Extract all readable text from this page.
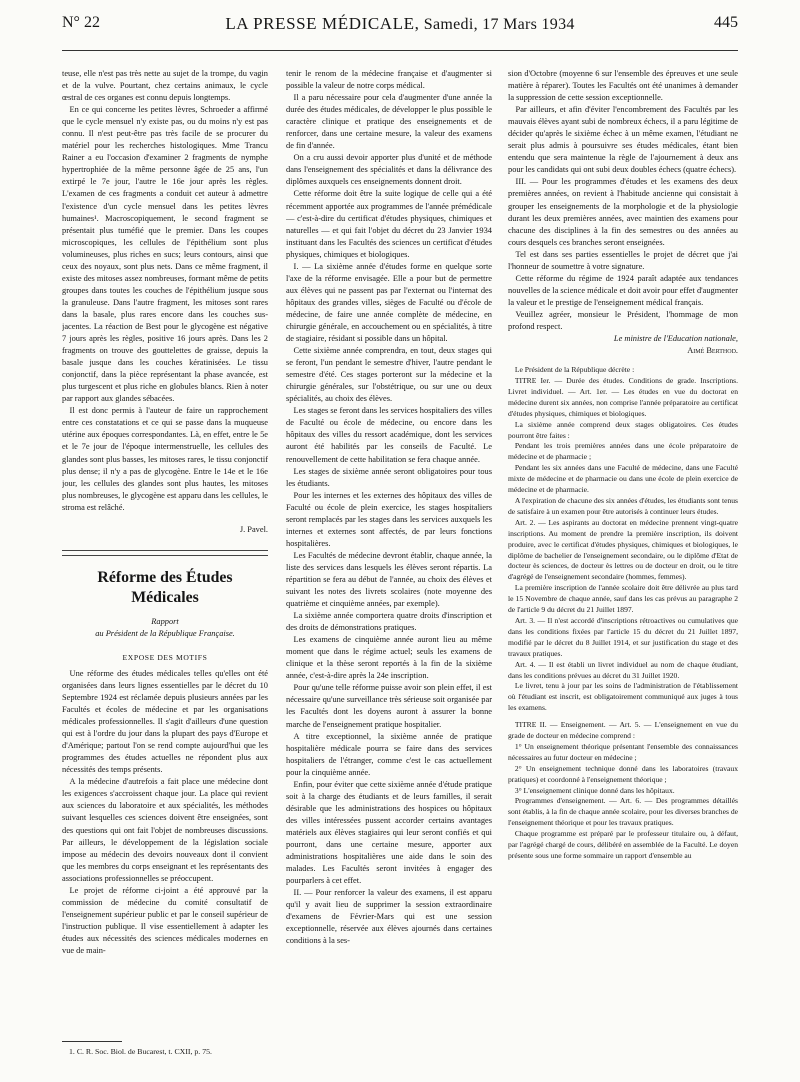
N° 22	LA PRESSE MÉDICALE, Samedi, 17 Mars 1934	445

teuse, elle n'est pas très nette au sujet de la trompe, du vagin et de la vulve. Pourtant, chez certains animaux, le cycle œstral de ces organes est connu depuis longtemps.

En ce qui concerne les petites lèvres, Schroeder a affirmé que le cycle mensuel n'y existe pas, ou du moins n'y est pas connu. Il n'est peut-être pas très facile de se procurer du matériel pour les recherches histologiques. Mme Trancu Rainer a eu l'occasion d'examiner 2 fragments de nymphe hypertrophiée de la même personne âgée de 25 ans, l'un extirpé le 7e jour, l'autre le 16e jour après les règles. L'examen de ces fragments a conduit cet auteur à admettre l'existence d'un cycle mensuel dans les petites lèvres humaines¹. Macroscopiquement, le second fragment se présentait plus tuméfié que le premier. Dans les coupes microscopiques, les cellules de l'épithélium sont plus volumineuses, plus riches en sucs; leurs contours, ainsi que ceux des noyaux, sont plus nets. Dans ce même fragment, il existe des mitoses assez nombreuses, formant même de petits groupes dans toutes les couches de l'épithélium jusque sous la granuleuse. Dans l'autre fragment, les mitoses sont rares dans la basale, plus rares encore dans les couches sus-jacentes. La réaction de Best pour le glycogène est négative 7 jours après les règles, positive 16 jours après. Dans les 2 fragments on trouve des gouttelettes de graisse, depuis la basale jusque dans les couches kératinisées. Le tissu conjonctif, dans la pièce représentant la phase avancée, est plus turgescent et plus riche en globules blancs. Rien à noter par rapport aux glandes sébacées.

Il est donc permis à l'auteur de faire un rapprochement entre ces constatations et ce qui se passe dans la muqueuse utérine aux époques correspondantes. Là, en effet, entre le 5e et le 7e jour de l'époque intermenstruelle, les cellules des glandes sont plus basses, les mitoses rares, le tissu conjonctif plus dense; il n'y a pas de glycogène. Entre le 14e et le 16e jour, les cellules des glandes sont plus hautes, les mitoses plus nombreuses, le glycogène est apparu dans les cellules, le stroma est relâché.

J. Pavel.

Réforme des Études Médicales

Rapport

au Président de la République Française.

EXPOSE DES MOTIFS

Une réforme des études médicales telles qu'elles ont été organisées dans leurs lignes essentielles par le décret du 10 Septembre 1924 est réclamée depuis plusieurs années par les Facultés et écoles de médecine et par les organisations médicales professionnelles. Il s'agit d'ailleurs d'une question qui est à l'ordre du jour dans la plupart des pays d'Europe et d'Amérique; partout l'on se rend compte aujourd'hui que les programmes des études actuelles ne répondent plus aux nécessités des temps présents.

A la médecine d'autrefois a fait place une médecine dont les exigences s'accroissent chaque jour. La place qui revient aux sciences du laboratoire et aux spécialités, les méthodes suivant lesquelles ces sciences doivent être enseignées, sont des questions qui ont fait l'objet de nombreuses discussions. Par ailleurs, le développement de la législation sociale impose au médecin des devoirs nouveaux dont il convient que les membres du corps enseignant et les représentants des associations professionnelles se préoccupent.

Le projet de réforme ci-joint a été approuvé par la commission de médecine du comité consultatif de l'enseignement supérieur public et par le conseil supérieur de l'instruction publique. Il vise essentiellement à adapter les études aux nécessités des sciences médicales modernes en vue de main-

1. C. R. Soc. Biol. de Bucarest, t. CXII, p. 75.

tenir le renom de la médecine française et d'augmenter si possible la valeur de notre corps médical.

Il a paru nécessaire pour cela d'augmenter d'une année la durée des études médicales, de développer le plus possible le caractère clinique et pratique des enseignements et de renforcer, dans une certaine mesure, la valeur des examens de fin d'année.

On a cru aussi devoir apporter plus d'unité et de méthode dans l'enseignement des spécialités et dans la délivrance des diplômes auxquels ces enseignements donnent droit.

Cette réforme doit être la suite logique de celle qui a été récemment apportée aux programmes de l'année prémédicale — c'est-à-dire du certificat d'études physiques, chimiques et naturelles — et qui fait l'objet du décret du 23 Janvier 1934 instituant dans les Facultés des sciences un certificat d'études physiques, chimiques et biologiques.

I. — La sixième année d'études forme en quelque sorte l'axe de la réforme envisagée. Elle a pour but de permettre aux élèves qui ne passent pas par l'externat ou l'internat des hôpitaux des grandes villes, sièges de Faculté ou d'école de médecine, de faire une année complète de médecine, en chirurgie générale, en accouchement ou en spécialités, à titre de stagiaire, résidant si possible dans un hôpital.

Cette sixième année comprendra, en tout, deux stages qui se feront, l'un pendant le semestre d'hiver, l'autre pendant le semestre d'été. Ces stages porteront sur la médecine et la chirurgie générales, sur l'obstétrique, ou sur une ou deux spécialités, au choix des élèves.

Les stages se feront dans les services hospitaliers des villes de Faculté ou école de médecine, ou encore dans les hôpitaux des villes du ressort académique, dont les services auront été habilités par les conseils de Faculté. Le renouvellement de cette habilitation se fera chaque année.

Les stages de sixième année seront obligatoires pour tous les étudiants.

Pour les internes et les externes des hôpitaux des villes de Faculté ou école de plein exercice, les stages hospitaliers seront remplacés par les stages dans les services auxquels les internes et externes sont affectés, de par leurs fonctions hospitalières.

Les Facultés de médecine devront établir, chaque année, la liste des services dans lesquels les élèves seront répartis. La répartition se fera au début de l'année, au choix des élèves et suivant les notes des livrets scolaires (note moyenne des quatrième et cinquième années, par exemple).

La sixième année comportera quatre droits d'inscription et des droits de démonstrations pratiques.

Les examens de cinquième année auront lieu au même moment que dans le régime actuel; seuls les examens de clinique et la thèse seront reportés à la fin de la sixième année, c'est-à-dire après la 24e inscription.

Pour qu'une telle réforme puisse avoir son plein effet, il est nécessaire qu'une surveillance très sérieuse soit organisée par les Facultés dont les doyens auront à assurer la bonne marche de l'enseignement pratique hospitalier.

A titre exceptionnel, la sixième année de pratique hospitalière médicale pourra se faire dans des services hospitaliers de l'étranger, comme c'est le cas actuellement pour la cinquième année.

Enfin, pour éviter que cette sixième année d'étude pratique soit à la charge des étudiants et de leurs familles, il serait désirable que les administrations des hospices ou hôpitaux des villes intéressées pussent accorder certains avantages matériels aux élèves stagiaires qui leur seront confiés et qui pourront, dans une certaine mesure, apporter aux administrations hospitalières une aide dans le soin des malades. Les Facultés seront invitées à engager des pourparlers à cet effet.

II. — Pour renforcer la valeur des examens, il est apparu qu'il y avait lieu de supprimer la session extraordinaire d'examens de Février-Mars qui est une session exceptionnelle, réservée aux élèves ajournés dans certaines conditions à la ses-

sion d'Octobre (moyenne 6 sur l'ensemble des épreuves et une seule matière à réparer). Toutes les Facultés ont été unanimes à demander la suppression de cette session exceptionnelle.

Par ailleurs, et afin d'éviter l'encombrement des Facultés par les mauvais élèves ayant subi de nombreux échecs, il a paru légitime de décider qu'après le sixième échec à un même examen, l'étudiant ne serait plus admis à poursuivre ses études médicales, étant bien entendu que sera maintenue la règle de l'ajournement à deux ans pour les candidats qui ont subi deux doubles échecs (quatre échecs).

III. — Pour les programmes d'études et les examens des deux premières années, on revient à l'habitude ancienne qui consistait à grouper les enseignements de la morphologie et de la physiologie durant les deux premières années, avec maintien des examens pour chacune des disciplines à la fin des semestres ou des années au cours desquels ces branches seront enseignées.

Tel est dans ses parties essentielles le projet de décret que j'ai l'honneur de soumettre à votre signature.

Cette réforme du régime de 1924 paraît adaptée aux tendances nouvelles de la science médicale et doit avoir pour effet d'augmenter la valeur et le prestige de l'enseignement médical français.

Veuillez agréer, monsieur le Président, l'hommage de mon profond respect.

Le ministre de l'Education nationale,

Aimé Berthod.

Le Président de la République décrète :

TITRE Ier. — Durée des études. Conditions de grade. Inscriptions. Livret individuel. — Art. 1er. — Les études en vue du doctorat en médecine durent six années, non comprise l'année préparatoire au certificat d'études physiques, chimiques et biologiques.

La sixième année comprend deux stages obligatoires. Ces études pourront être faites :

Pendant les trois premières années dans une école préparatoire de médecine et de pharmacie ;

Pendant les six années dans une Faculté de médecine, dans une Faculté mixte de médecine et de pharmacie ou dans une école de plein exercice de médecine et de pharmacie.

A l'expiration de chacune des six années d'études, les étudiants sont tenus de satisfaire à un examen pour être autorisés à continuer leurs études.

Art. 2. — Les aspirants au doctorat en médecine prennent vingt-quatre inscriptions. Au moment de prendre la première inscription, ils doivent produire, avec le certificat d'études physiques, chimiques et biologiques, le diplôme de bachelier de l'enseignement secondaire, ou le diplôme d'Etat de docteur ès sciences, de docteur ès lettres ou de docteur en droit, ou le titre d'agrégé de l'enseignement secondaire (hommes, femmes).

La première inscription de l'année scolaire doit être délivrée au plus tard le 15 Novembre de chaque année, sauf dans les cas prévus au paragraphe 2 de l'article 9 du décret du 21 Juillet 1897.

Art. 3. — Il n'est accordé d'inscriptions rétroactives ou cumulatives que dans les conditions fixées par l'article 15 du décret du 21 Juillet 1897, modifié par le décret du 8 Juillet 1914, et sur justification du stage et des travaux pratiques.

Art. 4. — Il est établi un livret individuel au nom de chaque étudiant, dans les conditions prévues au décret du 31 Juillet 1920.

Le livret, tenu à jour par les soins de l'administration de l'établissement où l'étudiant est inscrit, est obligatoirement communiqué aux juges à tous les examens.

TITRE II. — Enseignement. — Art. 5. — L'enseignement en vue du grade de docteur en médecine comprend :

1° Un enseignement théorique présentant l'ensemble des connaissances nécessaires au futur docteur en médecine ;

2° Un enseignement technique donné dans les laboratoires (travaux pratiques) et coordonné à l'enseignement théorique ;

3° L'enseignement clinique donné dans les hôpitaux.

Programmes d'enseignement. — Art. 6. — Des programmes détaillés sont établis, à la fin de chaque année scolaire, pour les diverses branches de l'enseignement théorique et pour les travaux pratiques.

Chaque programme est préparé par le professeur titulaire ou, à défaut, par l'agrégé chargé de cours, délibéré en assemblée de la Faculté. Le doyen présente sous une forme sommaire un rapport d'ensemble au
